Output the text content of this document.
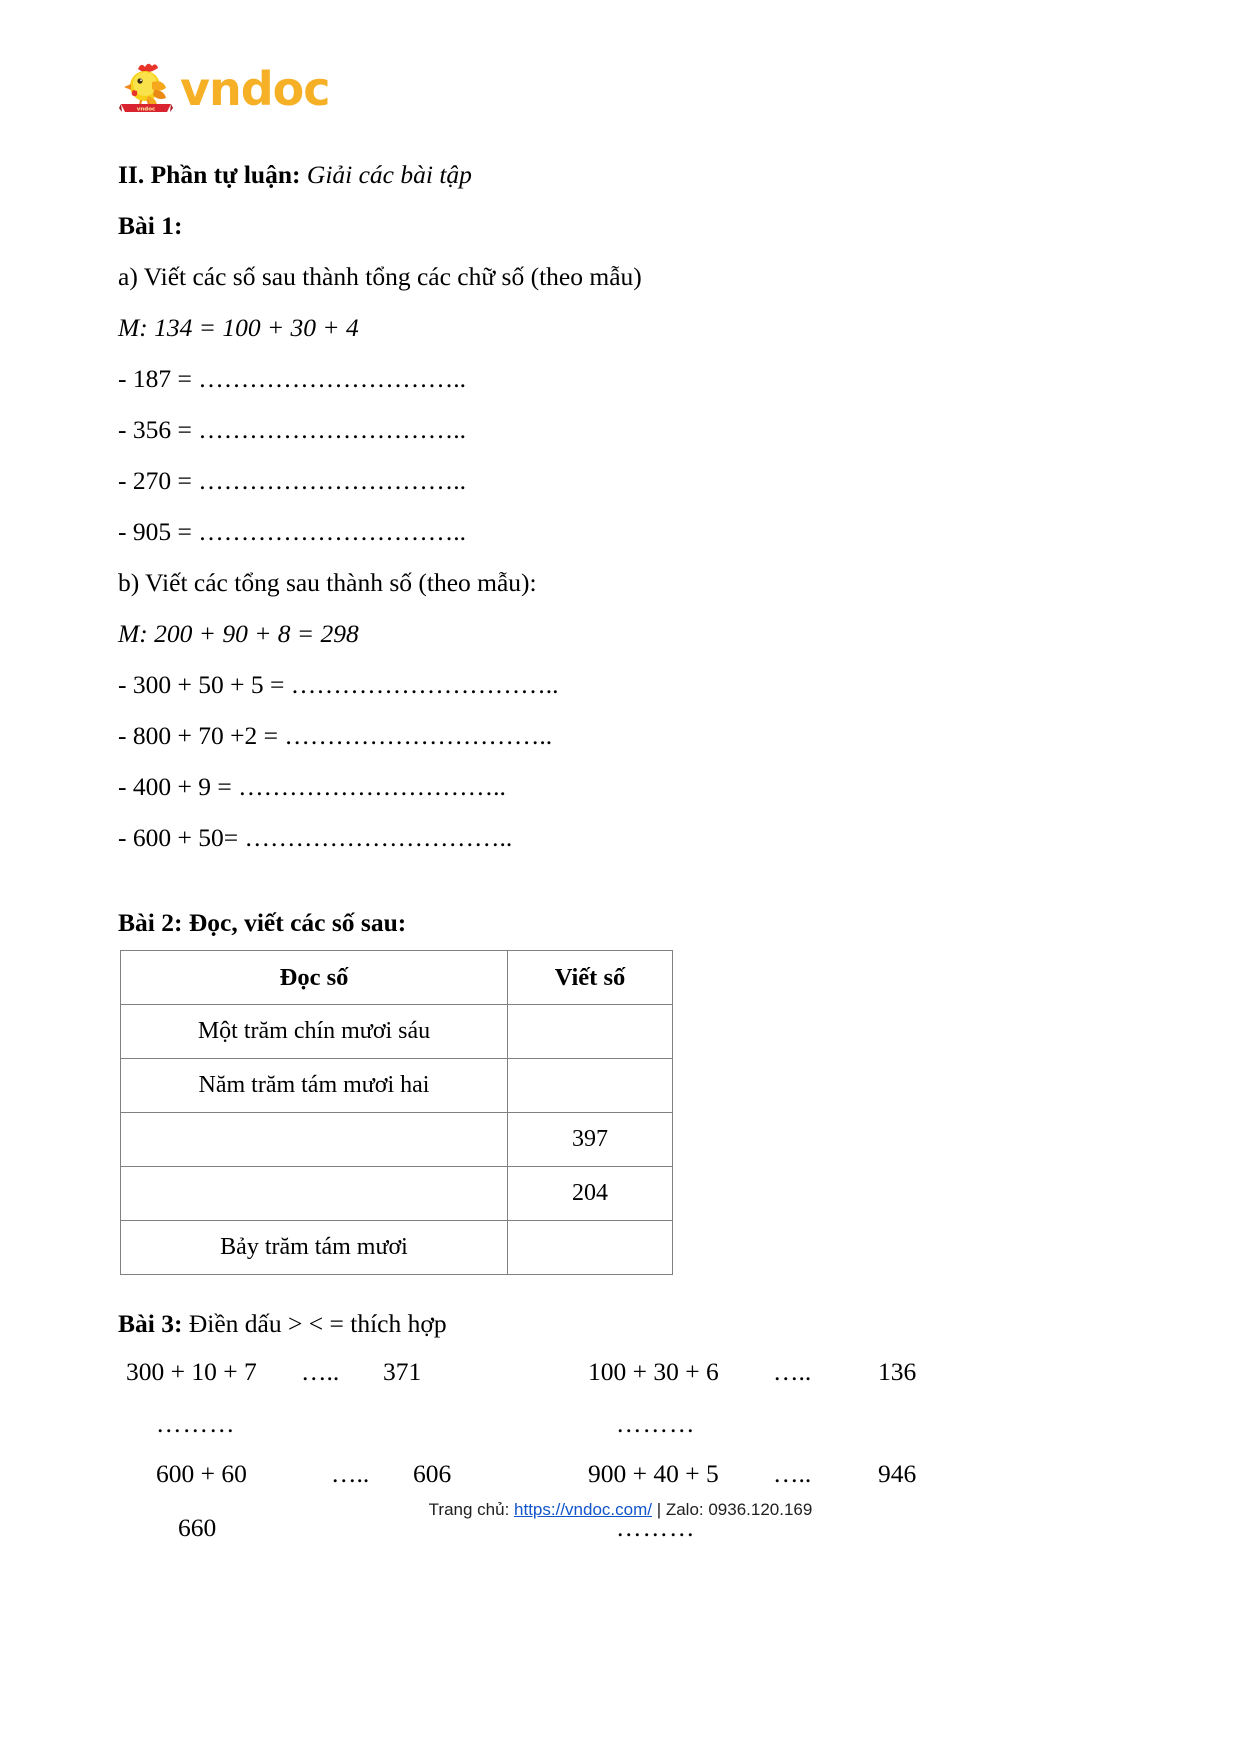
vndoc vndoc
II. Phần tự luận: Giải các bài tập
Bài 1:
a) Viết các số sau thành tổng các chữ số (theo mẫu)
M: 134 = 100 + 30 + 4
- 187 = …………………………..
- 356 = …………………………..
- 270 = …………………………..
- 905 = …………………………..
b) Viết các tổng sau thành số (theo mẫu):
M: 200 + 90 + 8 = 298
- 300 + 50 + 5 = …………………………..
- 800 + 70 +2 = …………………………..
- 400 + 9 = …………………………..
- 600 + 50= …………………………..
Bài 2: Đọc, viết các số sau:
Đọc số	Viết số
Một trăm chín mươi sáu	
Năm trăm tám mươi hai	
	397
	204
Bảy trăm tám mươi	
Bài 3: Điền dấu > < = thích hợp
300 + 10 + 7	…..	371	100 + 30 + 6	…..	136
………	………
600 + 60	…..	606	900 + 40 + 5	…..	946
660	………
Trang chủ: https://vndoc.com/ | Zalo: 0936.120.169
